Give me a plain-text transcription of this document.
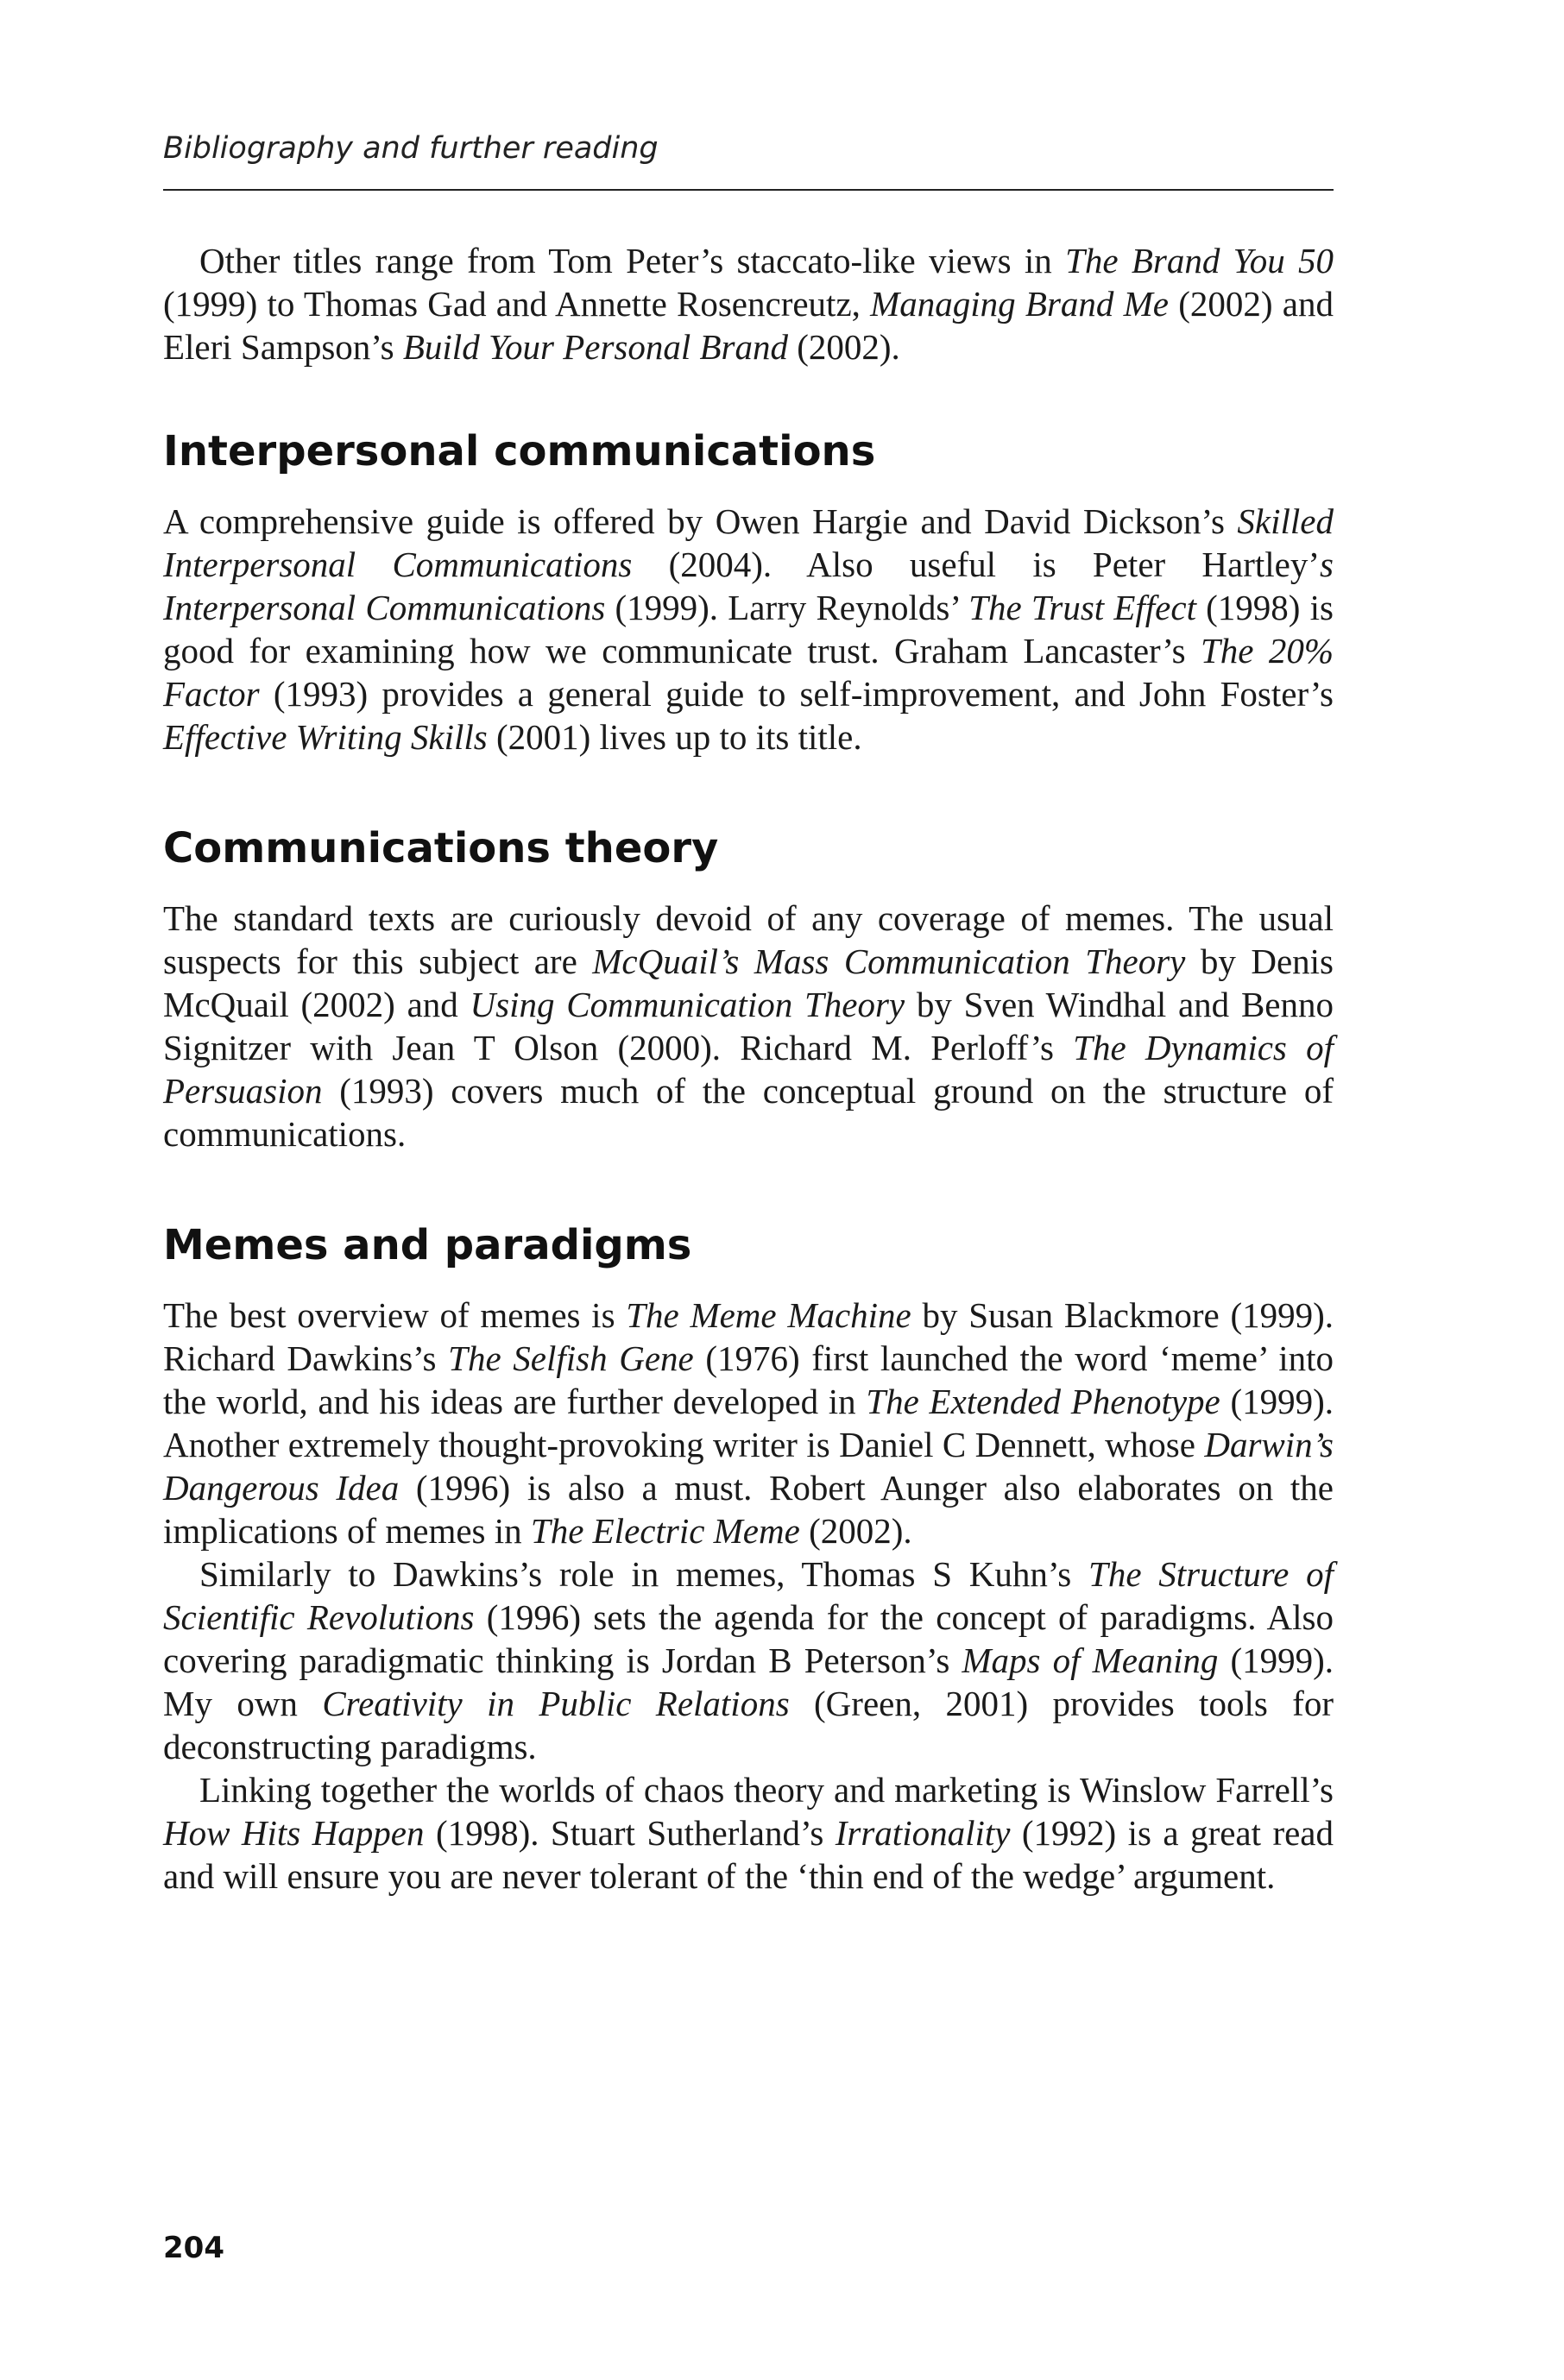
Bibliography and further reading

Other titles range from Tom Peter’s staccato-like views in The Brand You 50 (1999) to Thomas Gad and Annette Rosencreutz, Managing Brand Me (2002) and Eleri Sampson’s Build Your Personal Brand (2002).

Interpersonal communications

A comprehensive guide is offered by Owen Hargie and David Dickson’s Skilled Interpersonal Communications (2004). Also useful is Peter Hartley’s Interpersonal Communications (1999). Larry Reynolds’ The Trust Effect (1998) is good for examining how we communicate trust. Graham Lancaster’s The 20% Factor (1993) provides a general guide to self-improvement, and John Foster’s Effective Writing Skills (2001) lives up to its title.

Communications theory

The standard texts are curiously devoid of any coverage of memes. The usual suspects for this subject are McQuail’s Mass Communication Theory by Denis McQuail (2002) and Using Communication Theory by Sven Windhal and Benno Signitzer with Jean T Olson (2000). Richard M. Perloff’s The Dynamics of Persuasion (1993) covers much of the conceptual ground on the structure of communications.

Memes and paradigms

The best overview of memes is The Meme Machine by Susan Blackmore (1999). Richard Dawkins’s The Selfish Gene (1976) first launched the word ‘meme’ into the world, and his ideas are further developed in The Extended Phenotype (1999). Another extremely thought-provoking writer is Daniel C Dennett, whose Darwin’s Dangerous Idea (1996) is also a must. Robert Aunger also elaborates on the implications of memes in The Electric Meme (2002).

Similarly to Dawkins’s role in memes, Thomas S Kuhn’s The Structure of Scientific Revolutions (1996) sets the agenda for the concept of paradigms. Also covering paradigmatic thinking is Jordan B Peterson’s Maps of Meaning (1999). My own Creativity in Public Relations (Green, 2001) provides tools for deconstructing paradigms.

Linking together the worlds of chaos theory and marketing is Winslow Farrell’s How Hits Happen (1998). Stuart Sutherland’s Irrationality (1992) is a great read and will ensure you are never tolerant of the ‘thin end of the wedge’ argument.

204
